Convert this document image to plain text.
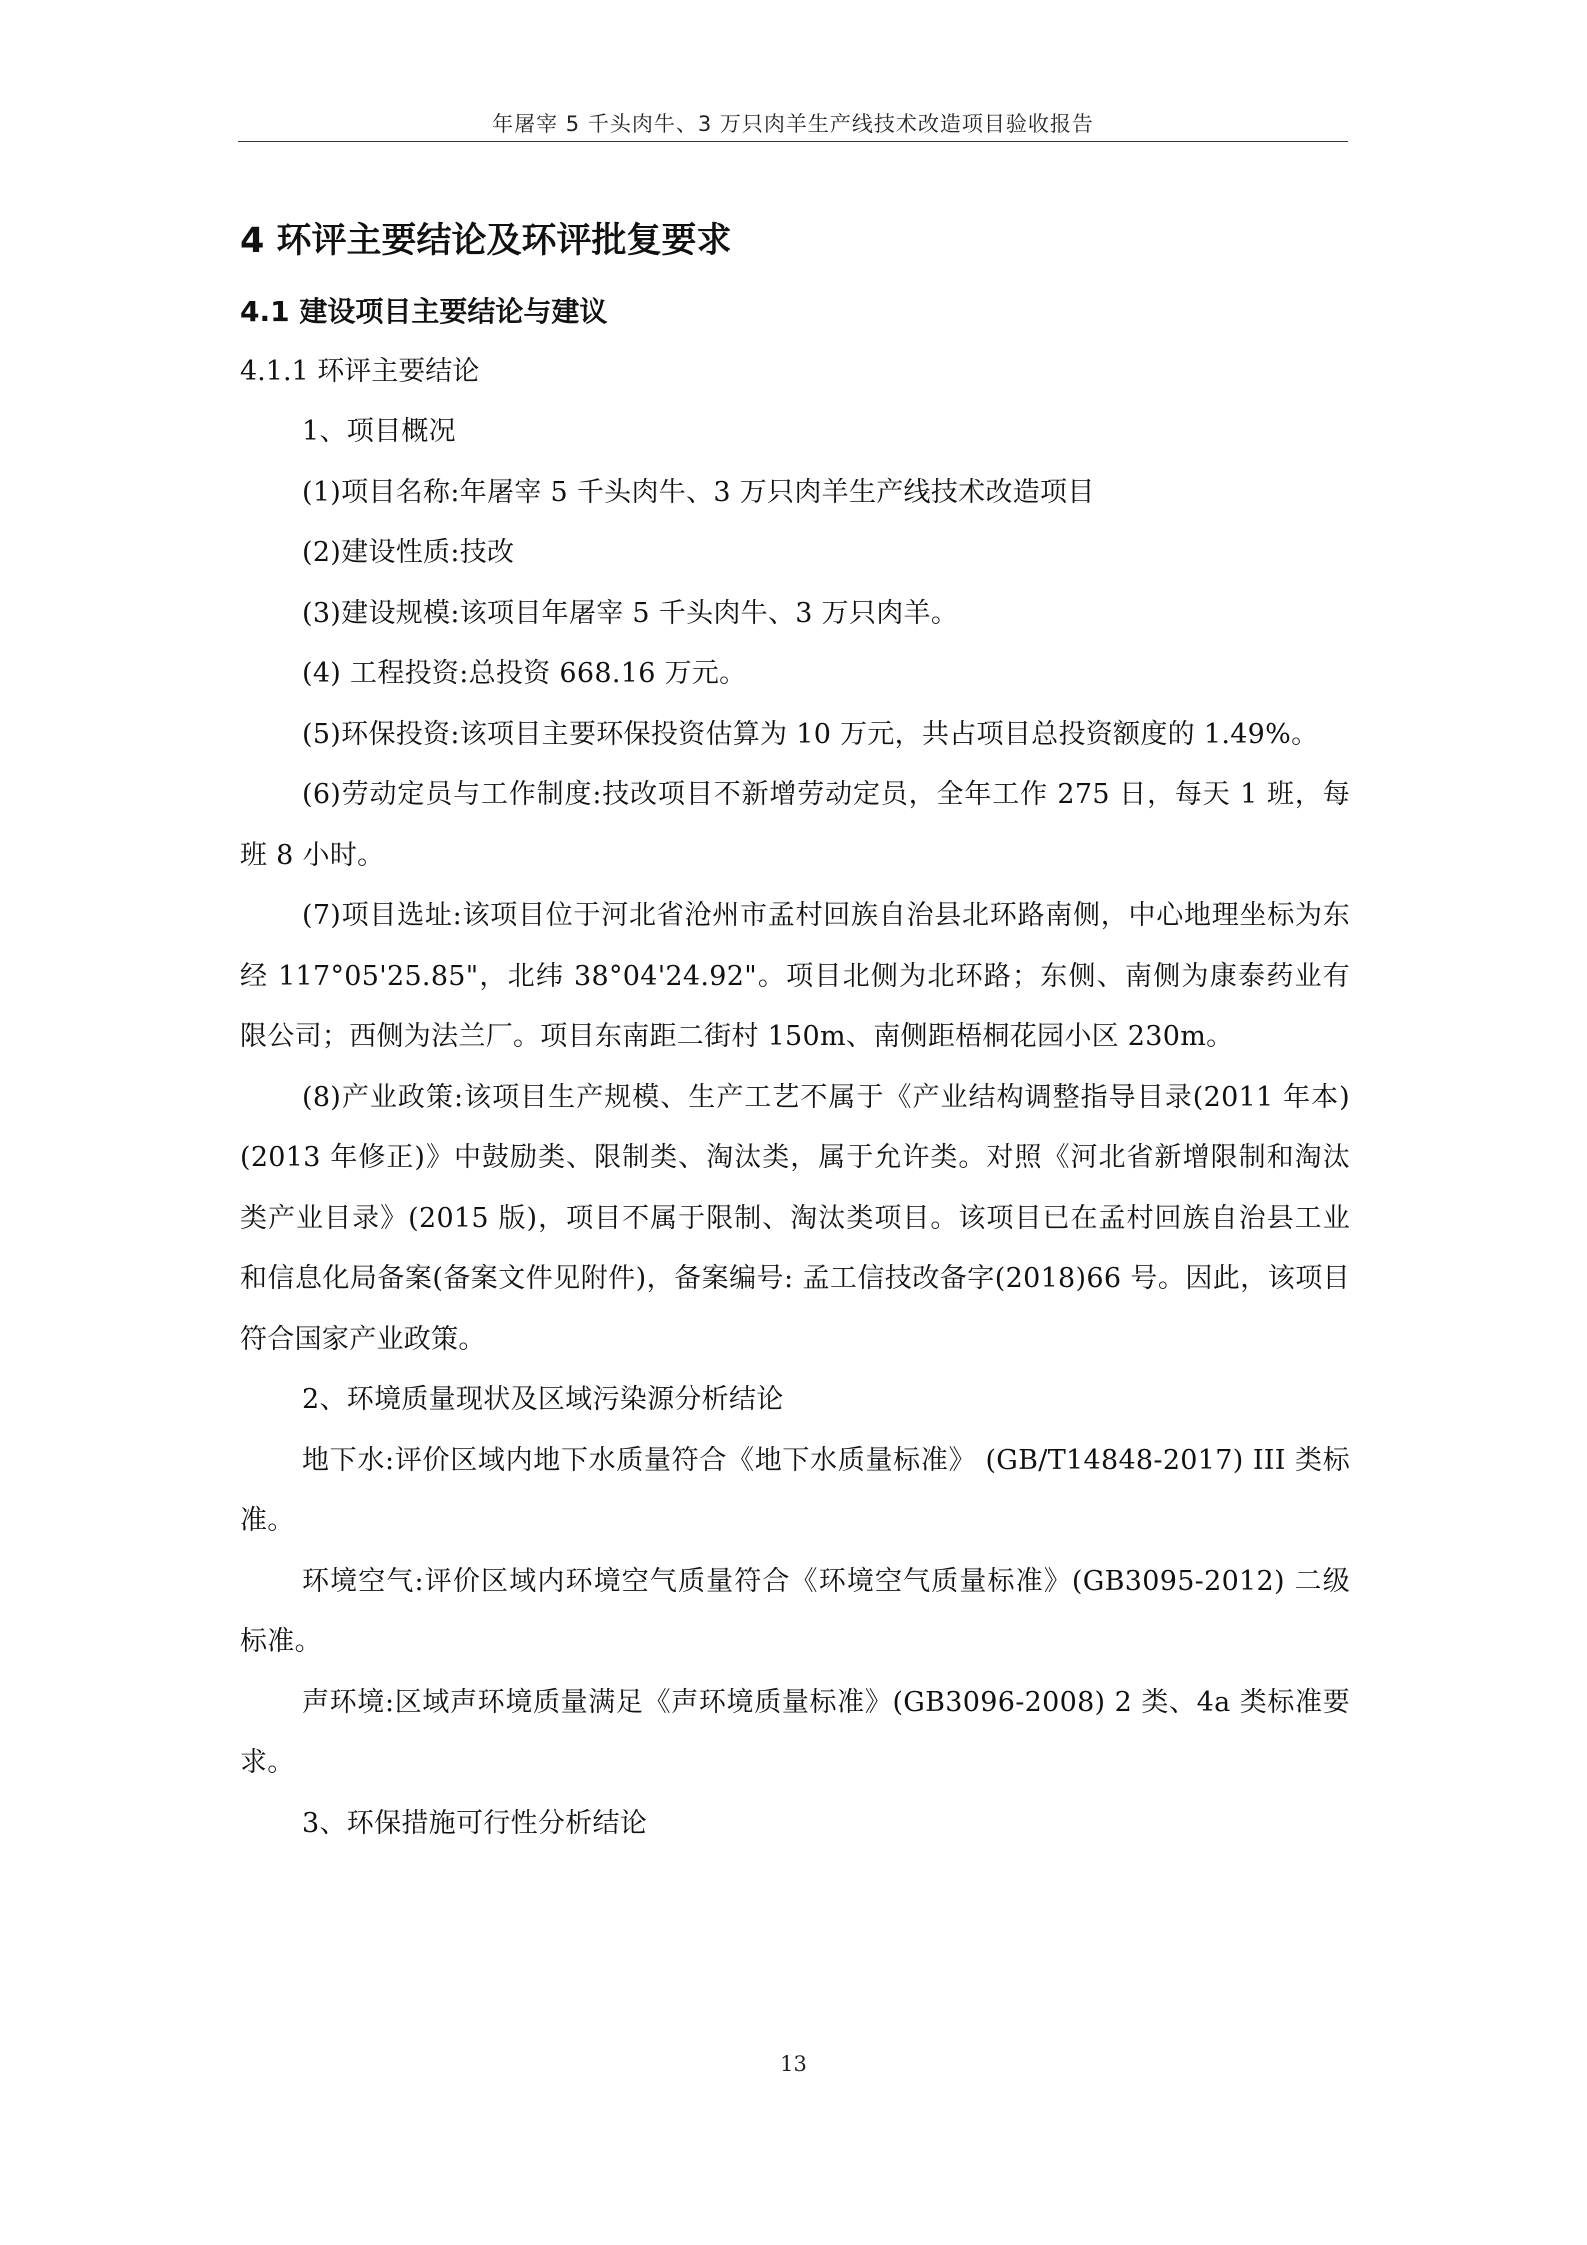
年屠宰 5 千头肉牛、3 万只肉羊生产线技术改造项目验收报告
4 环评主要结论及环评批复要求
4.1 建设项目主要结论与建议
4.1.1 环评主要结论

1、项目概况

(1)项目名称:年屠宰 5 千头肉牛、3 万只肉羊生产线技术改造项目

(2)建设性质:技改

(3)建设规模:该项目年屠宰 5 千头肉牛、3 万只肉羊。

(4) 工程投资:总投资 668.16 万元。

(5)环保投资:该项目主要环保投资估算为 10 万元，共占项目总投资额度的 1.49%。

(6)劳动定员与工作制度:技改项目不新增劳动定员，全年工作 275 日，每天 1 班，每班 8 小时。

(7)项目选址:该项目位于河北省沧州市孟村回族自治县北环路南侧，中心地理坐标为东经 117°05'25.85"，北纬 38°04'24.92"。项目北侧为北环路；东侧、南侧为康泰药业有限公司；西侧为法兰厂。项目东南距二街村 150m、南侧距梧桐花园小区 230m。

(8)产业政策:该项目生产规模、生产工艺不属于《产业结构调整指导目录(2011 年本) (2013 年修正)》中鼓励类、限制类、淘汰类，属于允许类。对照《河北省新增限制和淘汰类产业目录》(2015 版)，项目不属于限制、淘汰类项目。该项目已在孟村回族自治县工业和信息化局备案(备案文件见附件)，备案编号: 孟工信技改备字(2018)66 号。因此，该项目符合国家产业政策。

2、环境质量现状及区域污染源分析结论

地下水:评价区域内地下水质量符合《地下水质量标准》 (GB/T14848-2017) III 类标准。

环境空气:评价区域内环境空气质量符合《环境空气质量标准》(GB3095-2012) 二级标准。

声环境:区域声环境质量满足《声环境质量标准》(GB3096-2008) 2 类、4a 类标准要求。

3、环保措施可行性分析结论

13
